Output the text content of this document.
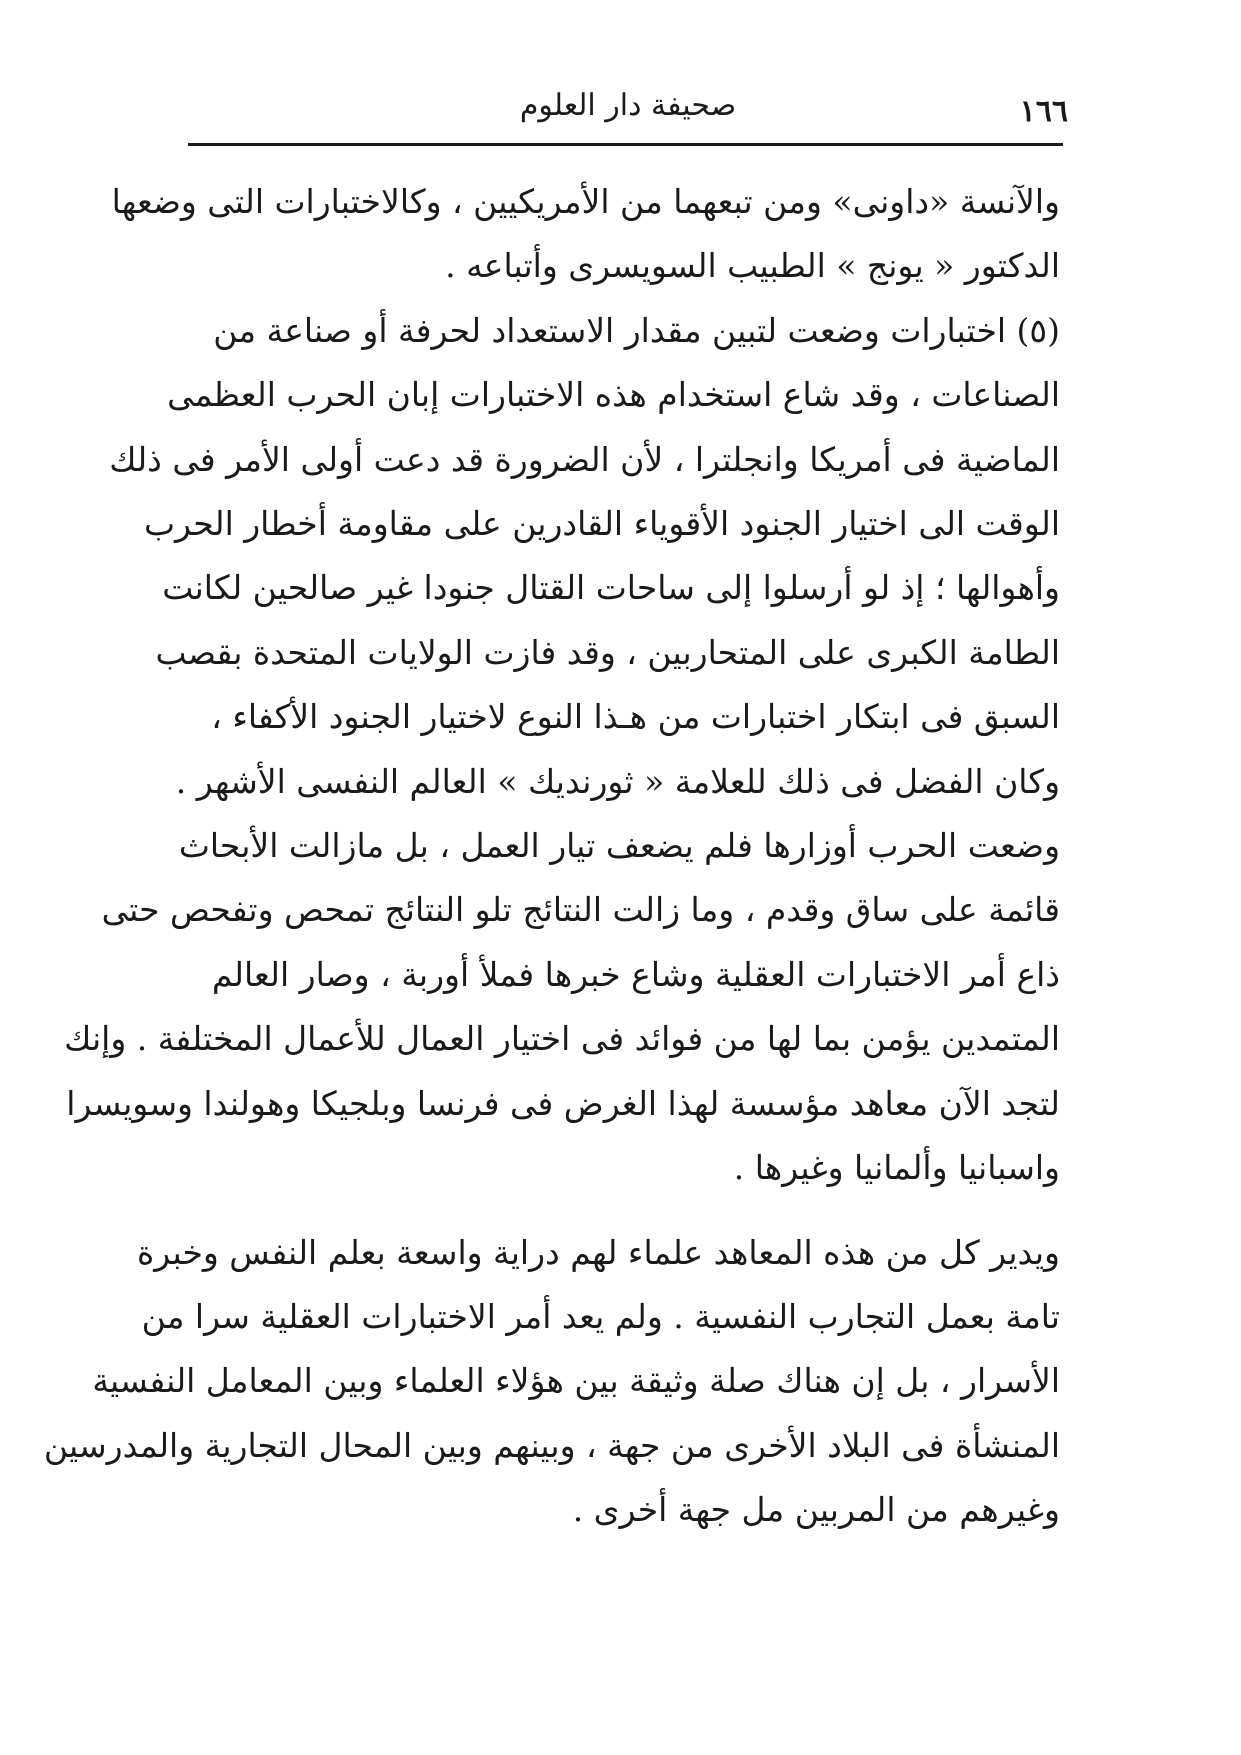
١٦٦
صحيفة دار العلوم

والآنسة «داونى» ومن تبعهما من الأمريكيين ، وكالاختبارات التى وضعها
الدكتور « يونج » الطبيب السويسرى وأتباعه .

(٥) اختبارات وضعت لتبين مقدار الاستعداد لحرفة أو صناعة من
الصناعات ، وقد شاع استخدام هذه الاختبارات إبان الحرب العظمى
الماضية فى أمريكا وانجلترا ، لأن الضرورة قد دعت أولى الأمر فى ذلك
الوقت الى اختيار الجنود الأقوياء القادرين على مقاومة أخطار الحرب
وأهوالها ؛ إذ لو أرسلوا إلى ساحات القتال جنودا غير صالحين لكانت
الطامة الكبرى على المتحاربين ، وقد فازت الولايات المتحدة بقصب
السبق فى ابتكار اختبارات من هـذا النوع لاختيار الجنود الأكفاء ،
وكان الفضل فى ذلك للعلامة « ثورنديك » العالم النفسى الأشهر .

وضعت الحرب أوزارها فلم يضعف تيار العمل ، بل مازالت الأبحاث
قائمة على ساق وقدم ، وما زالت النتائج تلو النتائج تمحص وتفحص حتى
ذاع أمر الاختبارات العقلية وشاع خبرها فملأ أوربة ، وصار العالم
المتمدين يؤمن بما لها من فوائد فى اختيار العمال للأعمال المختلفة . وإنك
لتجد الآن معاهد مؤسسة لهذا الغرض فى فرنسا وبلجيكا وهولندا وسويسرا
واسبانيا وألمانيا وغيرها .

ويدير كل من هذه المعاهد علماء لهم دراية واسعة بعلم النفس وخبرة
تامة بعمل التجارب النفسية . ولم يعد أمر الاختبارات العقلية سرا من
الأسرار ، بل إن هناك صلة وثيقة بين هؤلاء العلماء وبين المعامل النفسية
المنشأة فى البلاد الأخرى من جهة ، وبينهم وبين المحال التجارية والمدرسين
وغيرهم من المربين مل جهة أخرى .
